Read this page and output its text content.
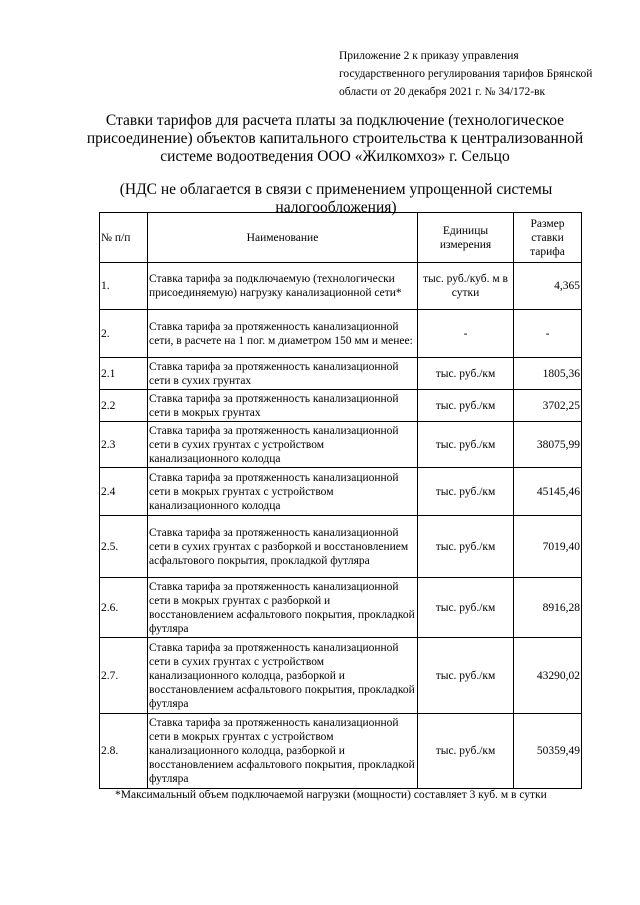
Приложение 2 к приказу управления
государственного регулирования тарифов Брянской
области от 20 декабря 2021 г. № 34/172-вк
Ставки тарифов для расчета платы за подключение (технологическое
присоединение) объектов капитального строительства к централизованной
системе водоотведения ООО «Жилкомхоз» г. Сельцо
(НДС не облагается в связи с применением упрощенной системы
налогообложения)
№ п/п	Наименование	Единицы измерения	Размер ставки тарифа
1.	Ставка тарифа за подключаемую (технологически присоединяемую) нагрузку канализационной сети*	тыс. руб./куб. м в сутки	4,365
2.	Ставка тарифа за протяженность канализационной сети, в расчете на 1 пог. м диаметром 150 мм и менее:	-	-
2.1	Ставка тарифа за протяженность канализационной сети в сухих грунтах	тыс. руб./км	1805,36
2.2	Ставка тарифа за протяженность канализационной сети в мокрых грунтах	тыс. руб./км	3702,25
2.3	Ставка тарифа за протяженность канализационной сети в сухих грунтах с устройством канализационного колодца	тыс. руб./км	38075,99
2.4	Ставка тарифа за протяженность канализационной сети в мокрых грунтах с устройством канализационного колодца	тыс. руб./км	45145,46
2.5.	Ставка тарифа за протяженность канализационной сети в сухих грунтах с разборкой и восстановлением асфальтового покрытия, прокладкой футляра	тыс. руб./км	7019,40
2.6.	Ставка тарифа за протяженность канализационной сети в мокрых грунтах с разборкой и восстановлением асфальтового покрытия, прокладкой футляра	тыс. руб./км	8916,28
2.7.	Ставка тарифа за протяженность канализационной сети в сухих грунтах с устройством канализационного колодца, разборкой и восстановлением асфальтового покрытия, прокладкой футляра	тыс. руб./км	43290,02
2.8.	Ставка тарифа за протяженность канализационной сети в мокрых грунтах с устройством канализационного колодца, разборкой и восстановлением асфальтового покрытия, прокладкой футляра	тыс. руб./км	50359,49
*Максимальный объем подключаемой нагрузки (мощности) составляет 3 куб. м в сутки
